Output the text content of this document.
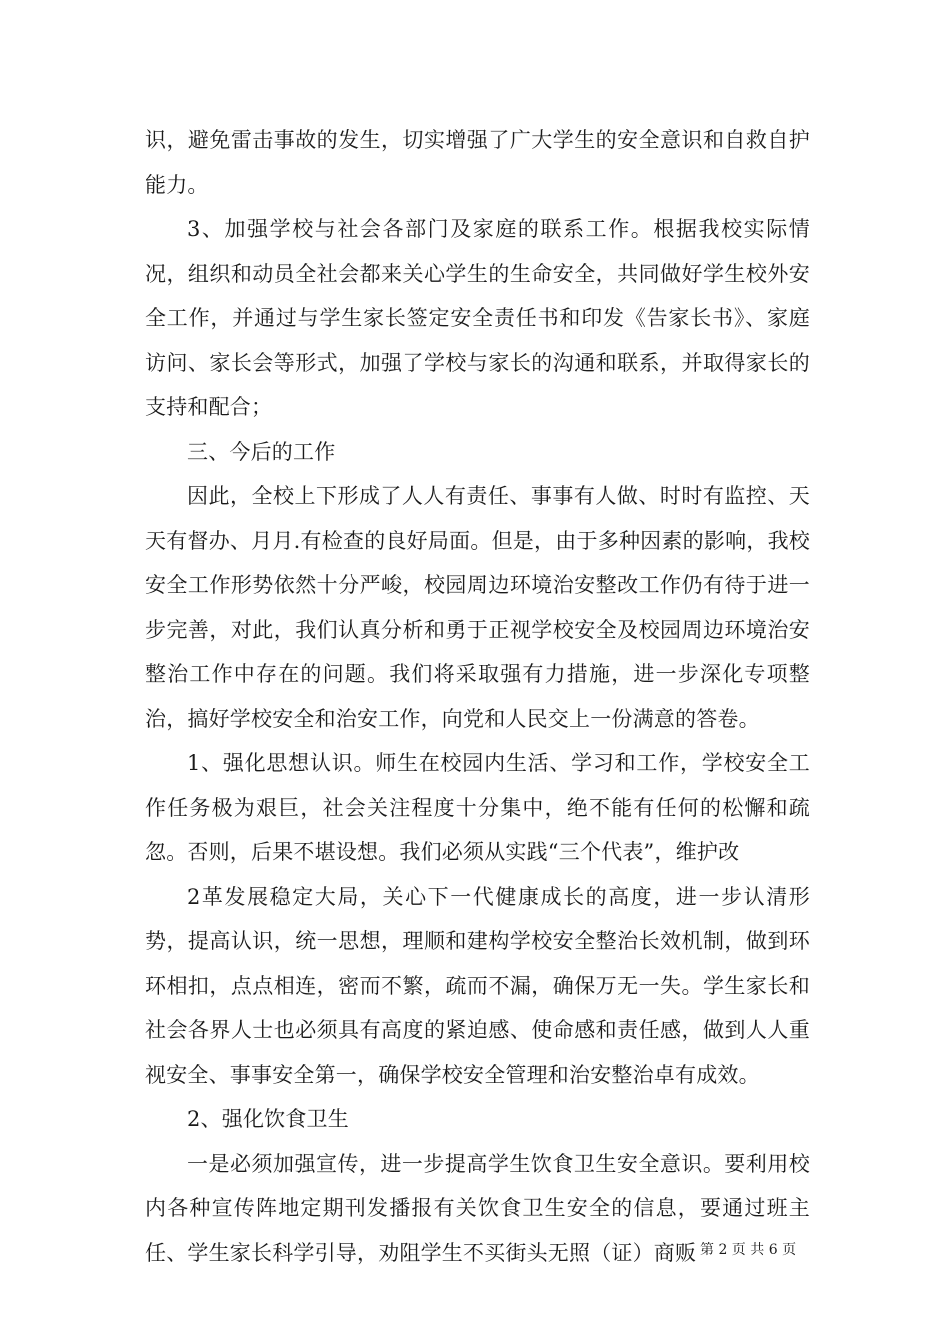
识，避免雷击事故的发生，切实增强了广大学生的安全意识和自救自护能力。

3、加强学校与社会各部门及家庭的联系工作。根据我校实际情况，组织和动员全社会都来关心学生的生命安全，共同做好学生校外安全工作，并通过与学生家长签定安全责任书和印发《告家长书》、家庭访问、家长会等形式，加强了学校与家长的沟通和联系，并取得家长的支持和配合；

三、今后的工作

因此，全校上下形成了人人有责任、事事有人做、时时有监控、天天有督办、月月.有检查的良好局面。但是，由于多种因素的影响，我校安全工作形势依然十分严峻，校园周边环境治安整改工作仍有待于进一步完善，对此，我们认真分析和勇于正视学校安全及校园周边环境治安整治工作中存在的问题。我们将采取强有力措施，进一步深化专项整治，搞好学校安全和治安工作，向党和人民交上一份满意的答卷。

1、强化思想认识。师生在校园内生活、学习和工作，学校安全工作任务极为艰巨，社会关注程度十分集中，绝不能有任何的松懈和疏忽。否则，后果不堪设想。我们必须从实践“三个代表”，维护改

2革发展稳定大局，关心下一代健康成长的高度，进一步认清形势，提高认识，统一思想，理顺和建构学校安全整治长效机制，做到环环相扣，点点相连，密而不繁，疏而不漏，确保万无一失。学生家长和社会各界人士也必须具有高度的紧迫感、使命感和责任感，做到人人重视安全、事事安全第一，确保学校安全管理和治安整治卓有成效。

2、强化饮食卫生

一是必须加强宣传，进一步提高学生饮食卫生安全意识。要利用校内各种宣传阵地定期刊发播报有关饮食卫生安全的信息，要通过班主任、学生家长科学引导，劝阻学生不买街头无照（证）商贩 第 2 页 共 6 页
